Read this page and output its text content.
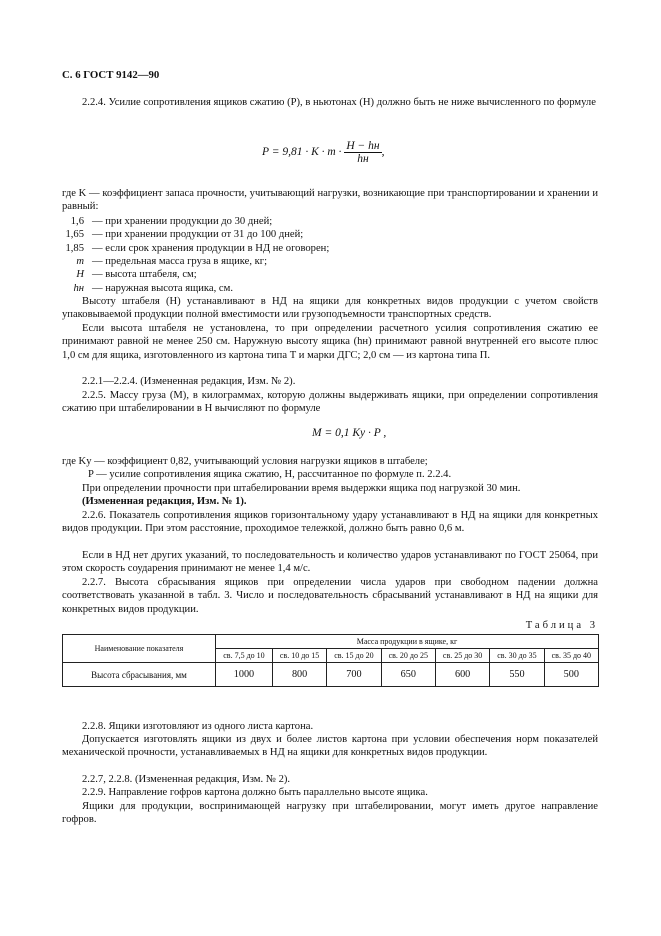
С. 6 ГОСТ 9142—90
2.2.4. Усилие сопротивления ящиков сжатию (P), в ньютонах (H) должно быть не ниже вычисленного по формуле
$P = 9,81 \cdot K \cdot m \cdot \frac{H - hн}{hн}$ ,
где K — коэффициент запаса прочности, учитывающий нагрузки, возникающие при транспортировании и хранении и равный:
1,6 — при хранении продукции до 30 дней;
1,65 — при хранении продукции от 31 до 100 дней;
1,85 — если срок хранения продукции в НД не оговорен;
m — предельная масса груза в ящике, кг;
H — высота штабеля, см;
hн — наружная высота ящика, см.
Высоту штабеля (H) устанавливают в НД на ящики для конкретных видов продукции с учетом свойств упаковываемой продукции полной вместимости или грузоподъемности транспортных средств.
Если высота штабеля не установлена, то при определении расчетного усилия сопротивления сжатию ее принимают равной не менее 250 см. Наружную высоту ящика (hн) принимают равной внутренней его высоте плюс 1,0 см для ящика, изготовленного из картона типа Т и марки ДГС; 2,0 см — из картона типа П.
2.2.1—2.2.4. (Измененная редакция, Изм. № 2).
2.2.5. Массу груза (M), в килограммах, которую должны выдерживать ящики, при определении сопротивления сжатию при штабелировании в H вычисляют по формуле
M = 0,1 Kу · P ,
где Kу — коэффициент 0,82, учитывающий условия нагрузки ящиков в штабеле;
P — усилие сопротивления ящика сжатию, H, рассчитанное по формуле п. 2.2.4.
При определении прочности при штабелировании время выдержки ящика под нагрузкой 30 мин.
(Измененная редакция, Изм. № 1).
2.2.6. Показатель сопротивления ящиков горизонтальному удару устанавливают в НД на ящики для конкретных видов продукции. При этом расстояние, проходимое тележкой, должно быть равно 0,6 м.
Если в НД нет других указаний, то последовательность и количество ударов устанавливают по ГОСТ 25064, при этом скорость соударения принимают не менее 1,4 м/с.
2.2.7. Высота сбрасывания ящиков при определении числа ударов при свободном падении должна соответствовать указанной в табл. 3. Число и последовательность сбрасываний устанавливают в НД на ящики для конкретных видов продукции.
Таблица 3
Наименование показателя	Масса продукции в ящике, кг						
	св. 7,5 до 10	св. 10 до 15	св. 15 до 20	св. 20 до 25	св. 25 до 30	св. 30 до 35	св. 35 до 40
Высота сбрасывания, мм	1000	800	700	650	600	550	500
2.2.8. Ящики изготовляют из одного листа картона.
Допускается изготовлять ящики из двух и более листов картона при условии обеспечения норм показателей механической прочности, устанавливаемых в НД на ящики для конкретных видов продукции.
2.2.7, 2.2.8. (Измененная редакция, Изм. № 2).
2.2.9. Направление гофров картона должно быть параллельно высоте ящика.
Ящики для продукции, воспринимающей нагрузку при штабелировании, могут иметь другое направление гофров.
